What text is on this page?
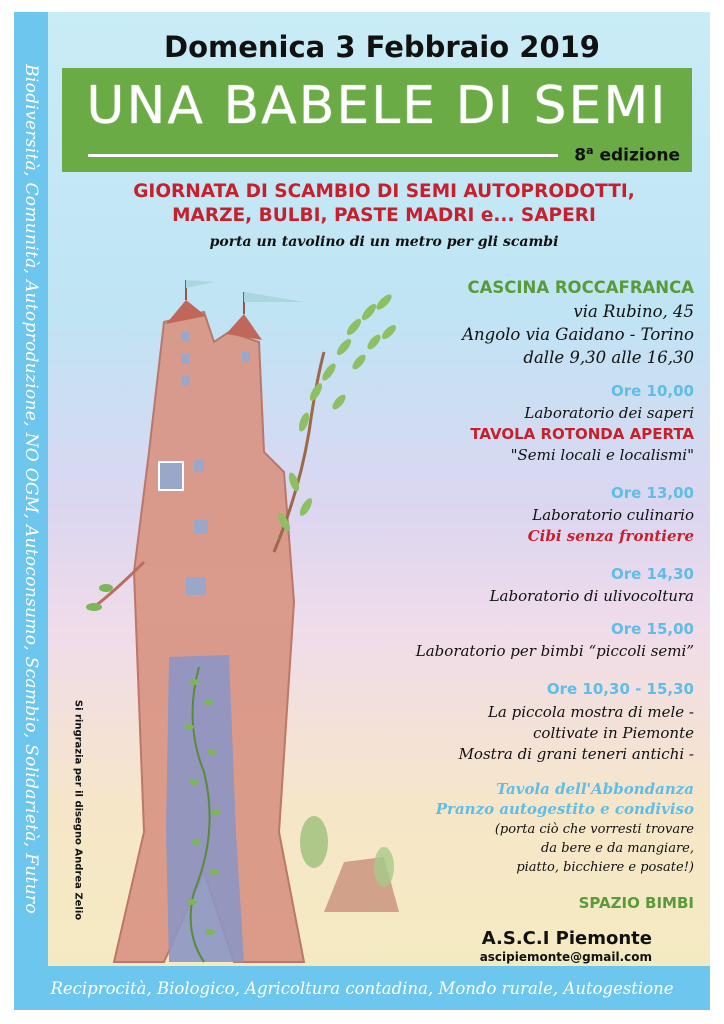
Biodiversità, Comunità, Autoproduzione, NO OGM, Autoconsumo, Scambio, Solidarietà, Futuro
Reciprocità, Biologico, Agricoltura contadina, Mondo rurale, Autogestione
Domenica 3 Febbraio 2019
UNA BABELE DI SEMI
8$^a$ edizione
GIORNATA DI SCAMBIO DI SEMI AUTOPRODOTTI,
MARZE, BULBI, PASTE MADRI e... SAPERI
porta un tavolino di un metro per gli scambi
CASCINA ROCCAFRANCA
via Rubino, 45
Angolo via Gaidano - Torino
dalle 9,30 alle 16,30
Ore 10,00
Laboratorio dei saperi
TAVOLA ROTONDA APERTA
"Semi locali e localismi"
Ore 13,00
Laboratorio culinario
Cibi senza frontiere
Ore 14,30
Laboratorio di ulivocoltura
Ore 15,00
Laboratorio per bimbi “piccoli semi”
Ore 10,30 - 15,30
La piccola mostra di mele -
coltivate in Piemonte
Mostra di grani teneri antichi -
Tavola dell'Abbondanza
Pranzo autogestito e condiviso
(porta ciò che vorresti trovare
da bere e da mangiare,
piatto, bicchiere e posate!)
SPAZIO BIMBI
A.S.C.I Piemonte
ascipiemonte@gmail.com
Si ringrazia per il disegno Andrea Zelio
